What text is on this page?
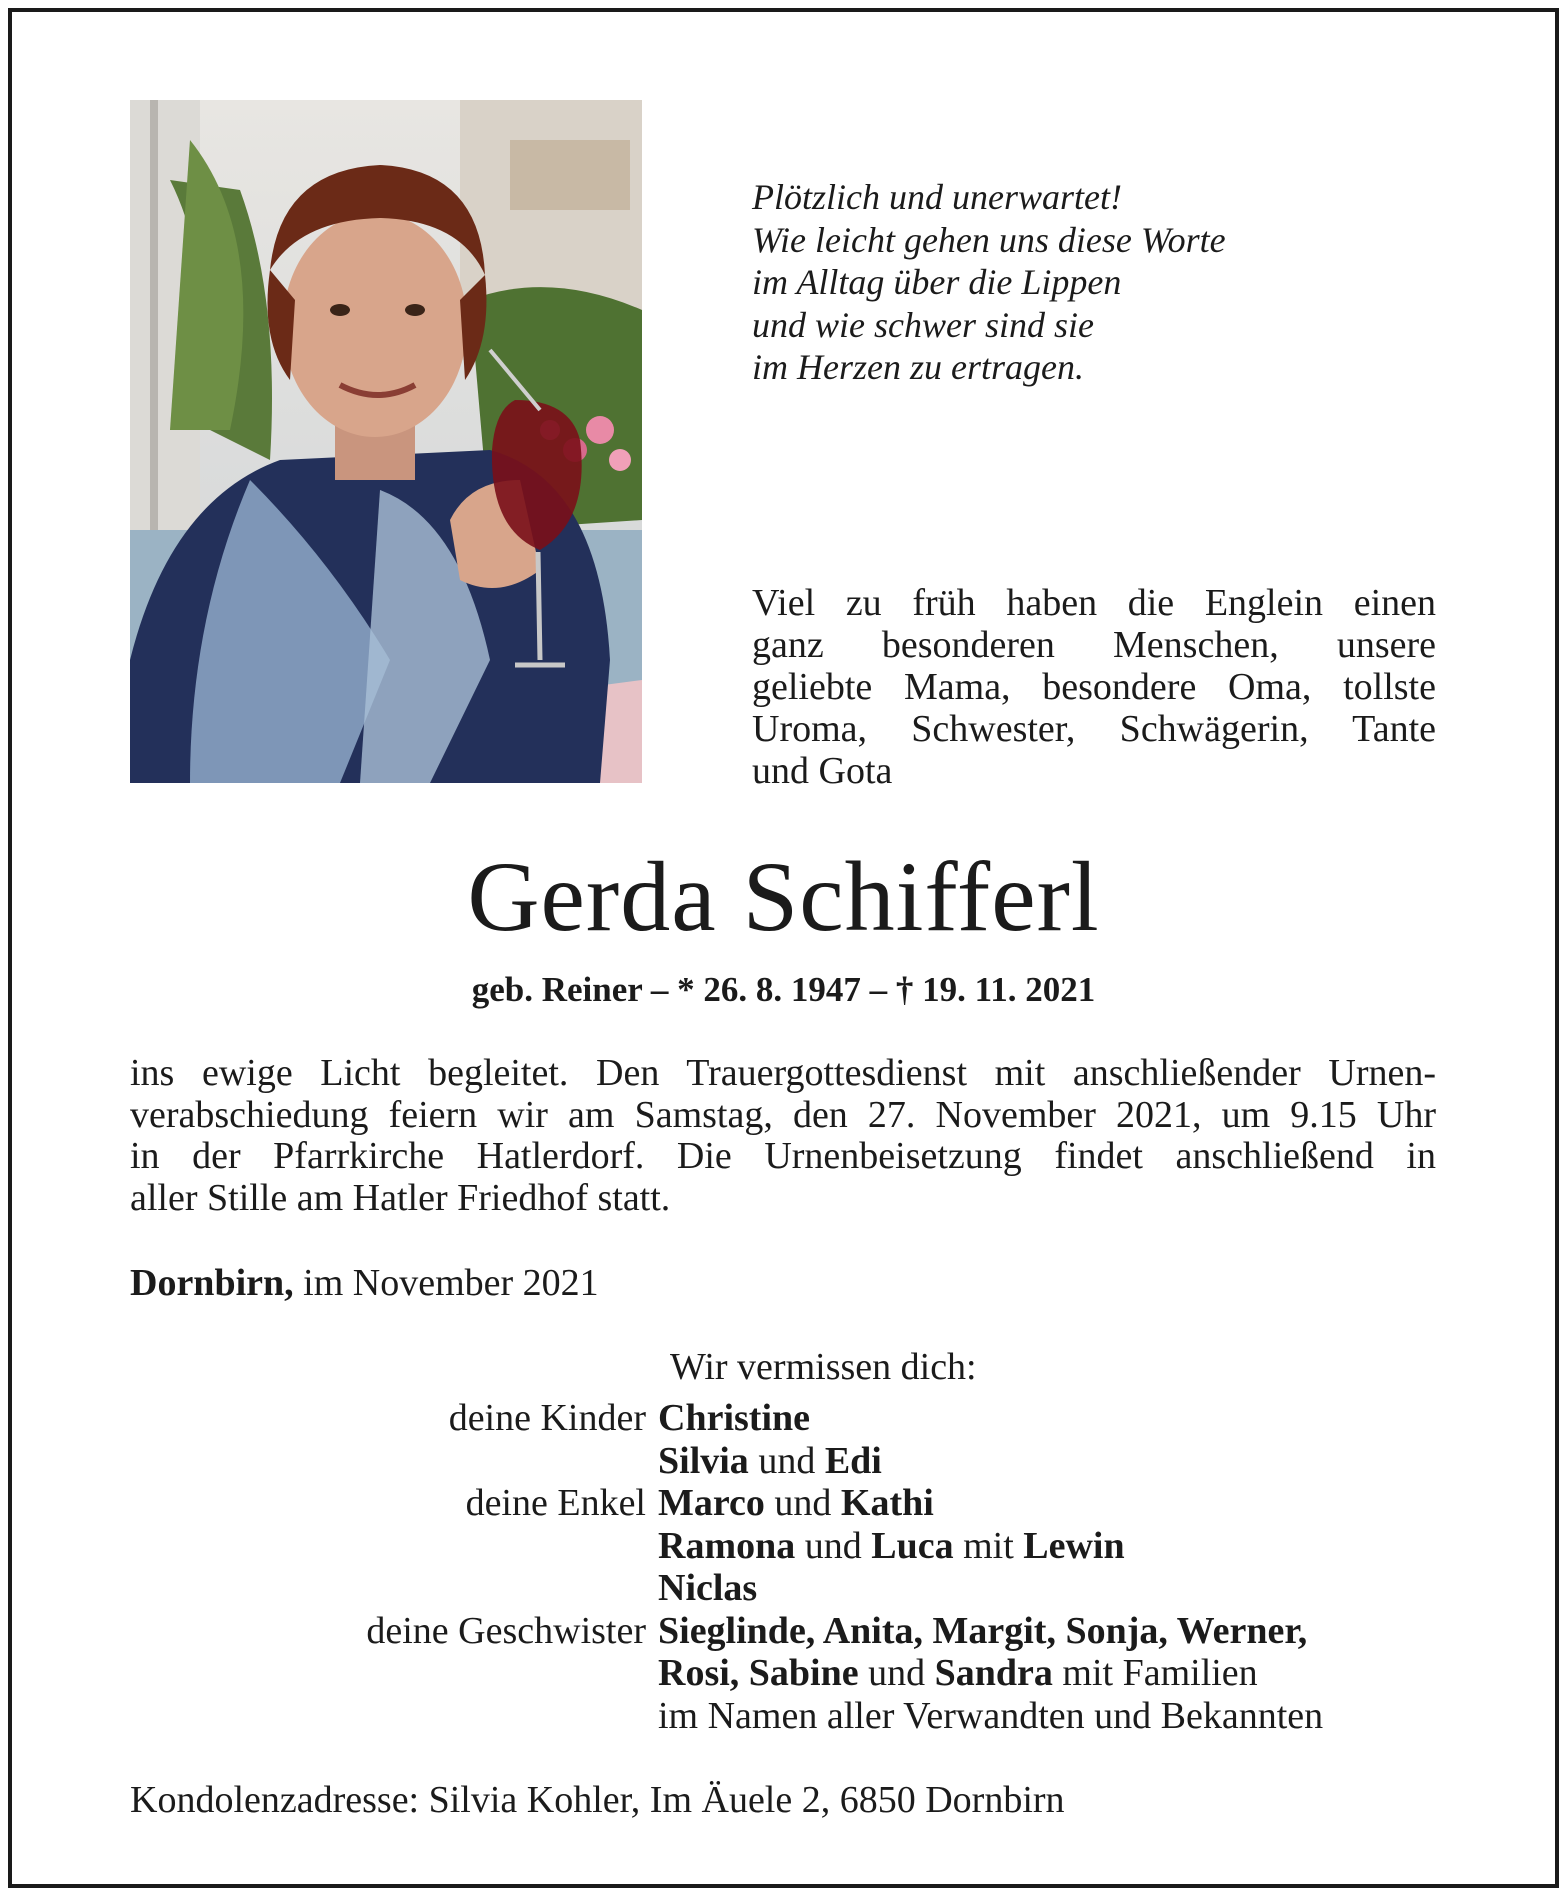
Plötzlich und unerwartet!
Wie leicht gehen uns diese Worte
im Alltag über die Lippen
und wie schwer sind sie
im Herzen zu ertragen.
Viel zu früh haben die Englein einen
ganz besonderen Menschen, unsere
geliebte Mama, besondere Oma, tollste
Uroma, Schwester, Schwägerin, Tante
und Gota
Gerda Schifferl
geb. Reiner – * 26. 8. 1947 – † 19. 11. 2021
ins ewige Licht begleitet. Den Trauergottesdienst mit anschließender Urnen-
verabschiedung feiern wir am Samstag, den 27. November 2021, um 9.15 Uhr
in der Pfarrkirche Hatlerdorf. Die Urnenbeisetzung findet anschließend in
aller Stille am Hatler Friedhof statt.
Dornbirn, im November 2021
Wir vermissen dich:
deine Kinder Christine
Silvia und Edi
deine Enkel Marco und Kathi
Ramona und Luca mit Lewin
Niclas
deine Geschwister Sieglinde, Anita, Margit, Sonja, Werner,
Rosi, Sabine und Sandra mit Familien
im Namen aller Verwandten und Bekannten
Kondolenzadresse: Silvia Kohler, Im Äuele 2, 6850 Dornbirn
